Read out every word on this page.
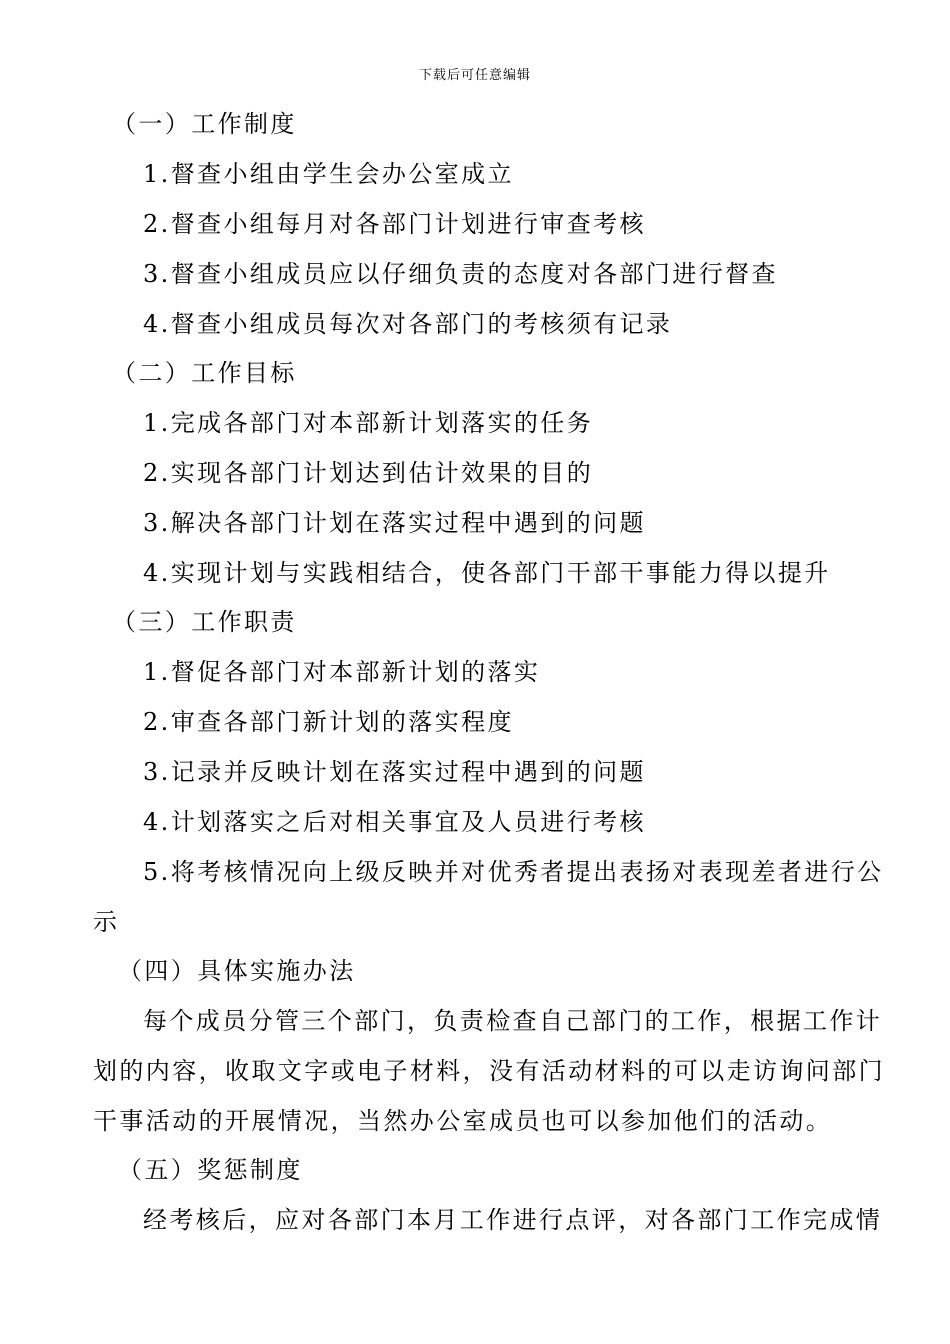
下载后可任意编辑
（一）工作制度
1.督查小组由学生会办公室成立
2.督查小组每月对各部门计划进行审查考核
3.督查小组成员应以仔细负责的态度对各部门进行督查
4.督查小组成员每次对各部门的考核须有记录
（二）工作目标
1.完成各部门对本部新计划落实的任务
2.实现各部门计划达到估计效果的目的
3.解决各部门计划在落实过程中遇到的问题
4.实现计划与实践相结合，使各部门干部干事能力得以提升
（三）工作职责
1.督促各部门对本部新计划的落实
2.审查各部门新计划的落实程度
3.记录并反映计划在落实过程中遇到的问题
4.计划落实之后对相关事宜及人员进行考核
5.将考核情况向上级反映并对优秀者提出表扬对表现差者进行公
示
（四）具体实施办法
每个成员分管三个部门，负责检查自己部门的工作，根据工作计
划的内容，收取文字或电子材料，没有活动材料的可以走访询问部门
干事活动的开展情况，当然办公室成员也可以参加他们的活动。
（五）奖惩制度
经考核后，应对各部门本月工作进行点评，对各部门工作完成情
